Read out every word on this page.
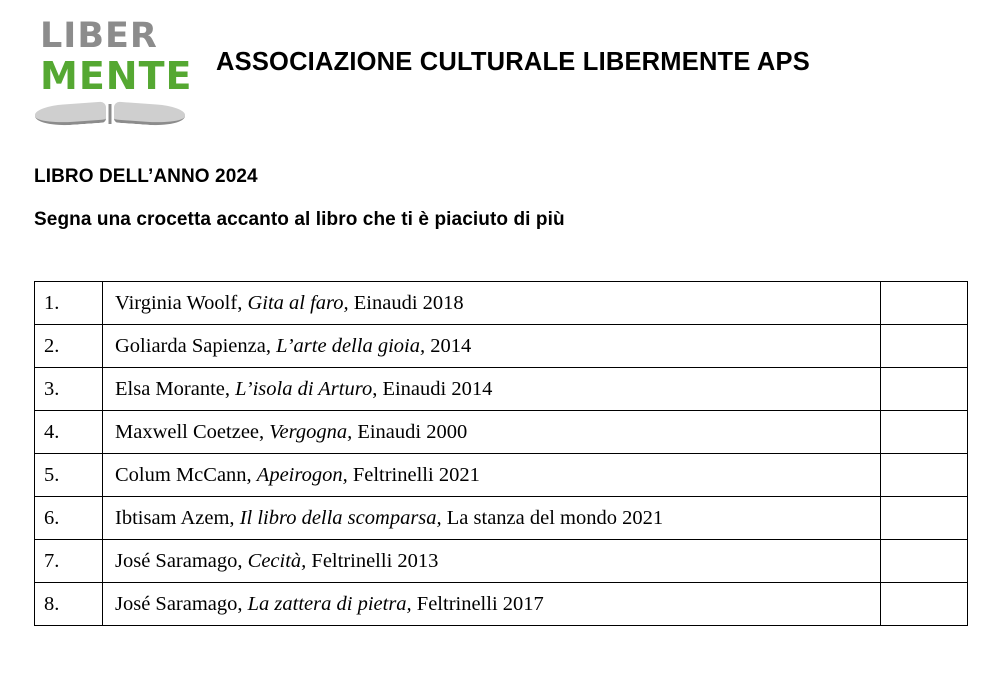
LIBER
MENTE ASSOCIAZIONE CULTURALE LIBERMENTE APS
LIBRO DELL’ANNO 2024
Segna una crocetta accanto al libro che ti è piaciuto di più
1.	Virginia Woolf, Gita al faro, Einaudi 2018	
2.	Goliarda Sapienza, L’arte della gioia, 2014	
3.	Elsa Morante, L’isola di Arturo, Einaudi 2014	
4.	Maxwell Coetzee, Vergogna, Einaudi 2000	
5.	Colum McCann, Apeirogon, Feltrinelli 2021	
6.	Ibtisam Azem, Il libro della scomparsa, La stanza del mondo 2021	
7.	José Saramago, Cecità, Feltrinelli 2013	
8.	José Saramago, La zattera di pietra, Feltrinelli 2017	
